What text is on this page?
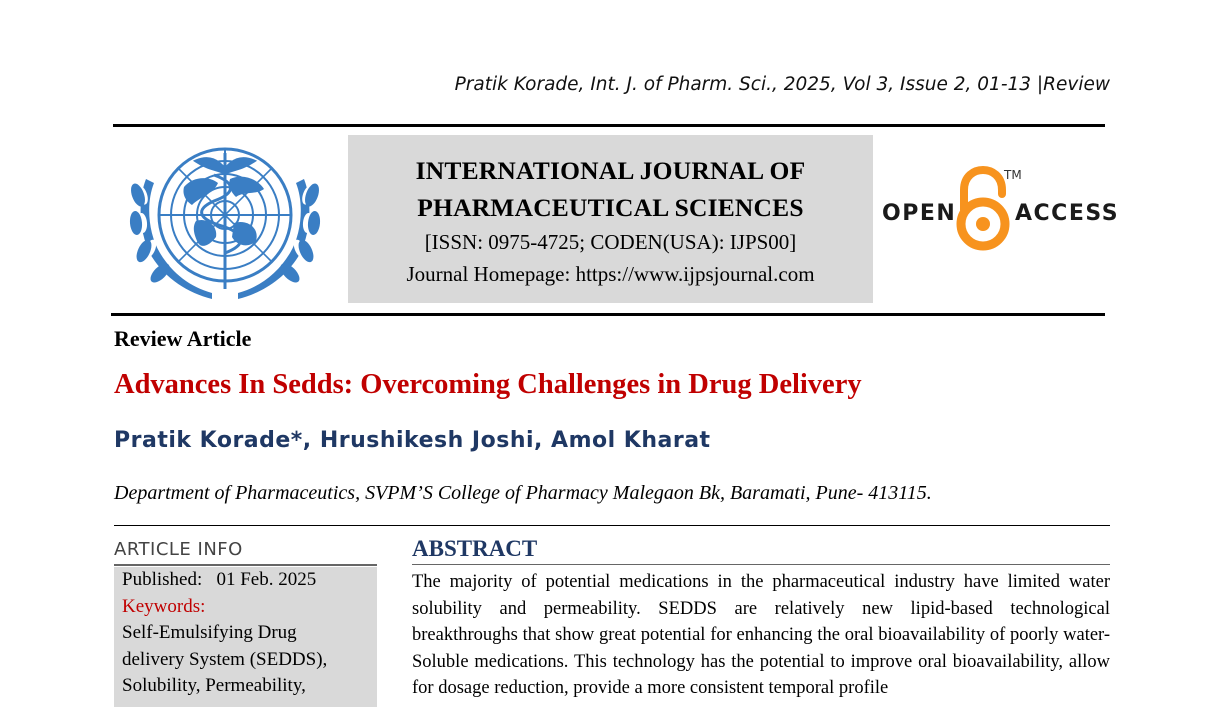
Pratik Korade, Int. J. of Pharm. Sci., 2025, Vol 3, Issue 2, 01-13 |Review
INTERNATIONAL JOURNAL OF
PHARMACEUTICAL SCIENCES
[ISSN: 0975-4725; CODEN(USA): IJPS00]
Journal Homepage: https://www.ijpsjournal.com
OPEN
TM
ACCESS
Review Article
Advances In Sedds: Overcoming Challenges in Drug Delivery
Pratik Korade*, Hrushikesh Joshi, Amol Kharat
Department of Pharmaceutics, SVPM’S College of Pharmacy Malegaon Bk, Baramati, Pune- 413115.
ARTICLE INFO
Published: 01 Feb. 2025
Keywords:
Self-Emulsifying Drug
delivery System (SEDDS),
Solubility, Permeability,
ABSTRACT
The majority of potential medications in the pharmaceutical industry have limited water solubility and permeability. SEDDS are relatively new lipid-based technological breakthroughs that show great potential for enhancing the oral bioavailability of poorly water-Soluble medications. This technology has the potential to improve oral bioavailability, allow for dosage reduction, provide a more consistent temporal profile
